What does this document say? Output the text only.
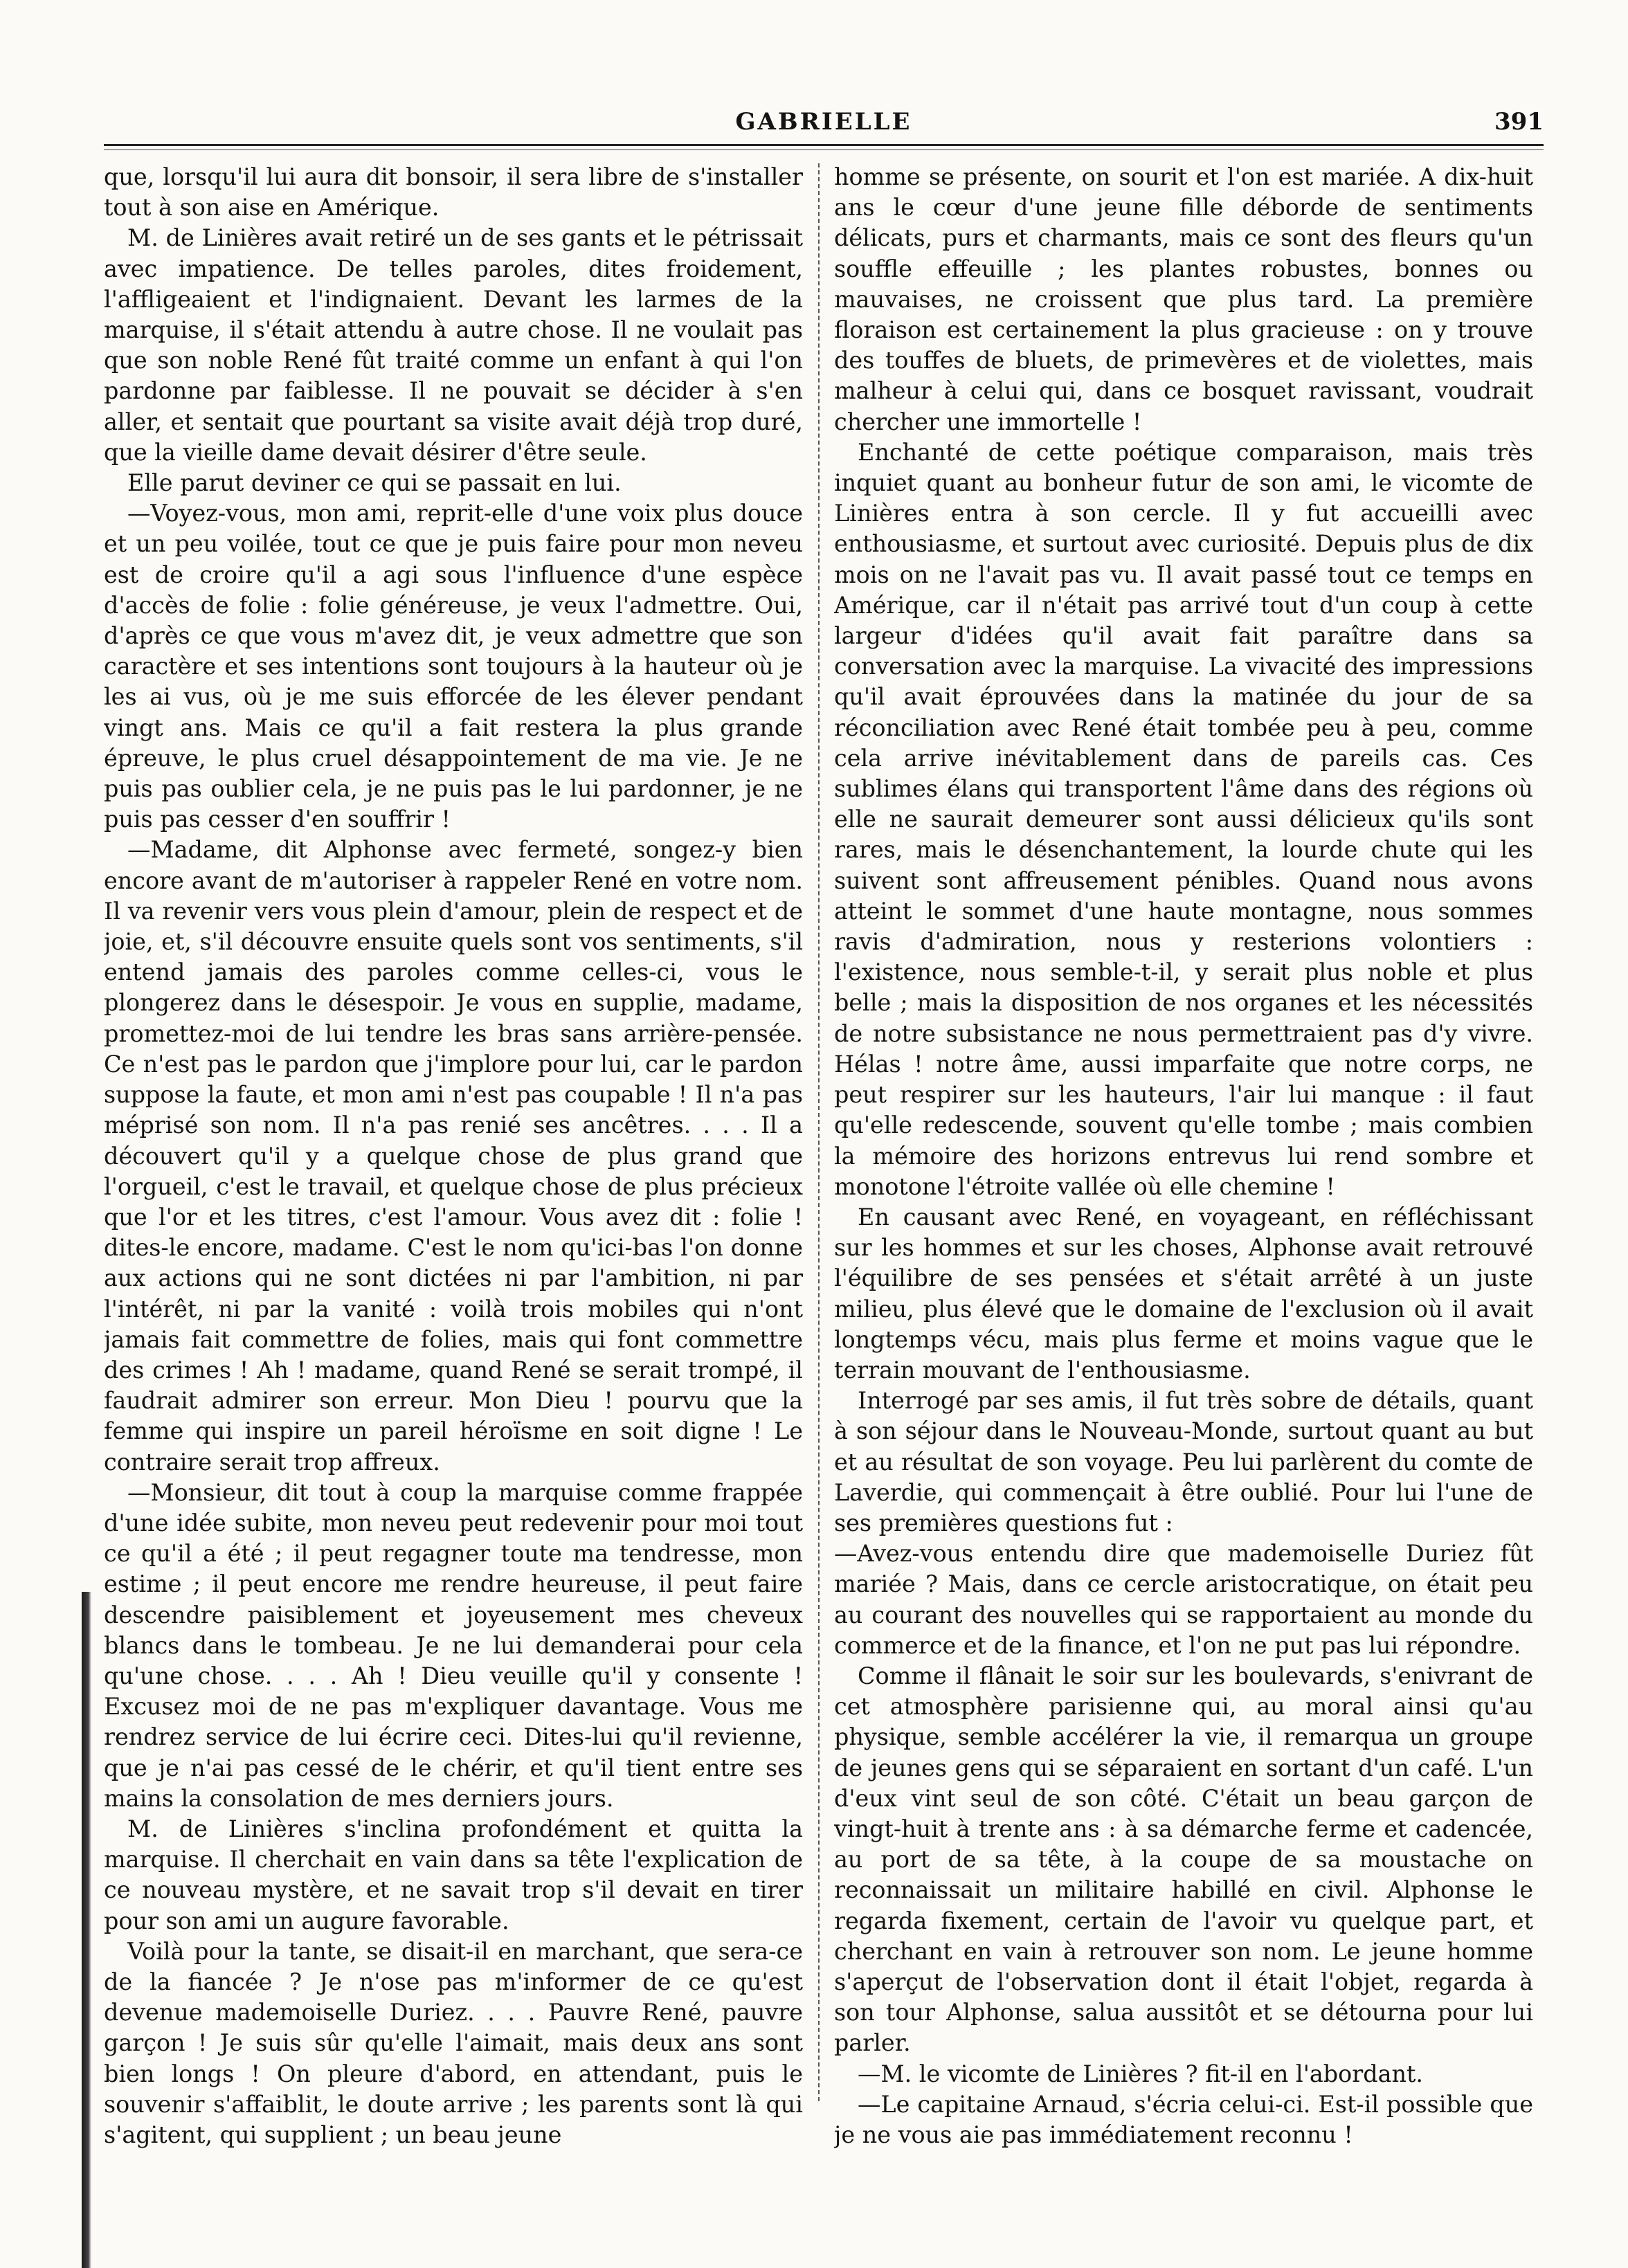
GABRIELLE	391

que, lorsqu'il lui aura dit bonsoir, il sera libre de s'installer tout à son aise en Amérique.

M. de Linières avait retiré un de ses gants et le pétrissait avec impatience. De telles paroles, dites froidement, l'affligeaient et l'indignaient. Devant les larmes de la marquise, il s'était attendu à autre chose. Il ne voulait pas que son noble René fût traité comme un enfant à qui l'on pardonne par faiblesse. Il ne pouvait se décider à s'en aller, et sentait que pourtant sa visite avait déjà trop duré, que la vieille dame devait désirer d'être seule.

Elle parut deviner ce qui se passait en lui.

—Voyez-vous, mon ami, reprit-elle d'une voix plus douce et un peu voilée, tout ce que je puis faire pour mon neveu est de croire qu'il a agi sous l'influence d'une espèce d'accès de folie : folie généreuse, je veux l'admettre. Oui, d'après ce que vous m'avez dit, je veux admettre que son caractère et ses intentions sont toujours à la hauteur où je les ai vus, où je me suis efforcée de les élever pendant vingt ans. Mais ce qu'il a fait restera la plus grande épreuve, le plus cruel désappointement de ma vie. Je ne puis pas oublier cela, je ne puis pas le lui pardonner, je ne puis pas cesser d'en souffrir !

—Madame, dit Alphonse avec fermeté, songez-y bien encore avant de m'autoriser à rappeler René en votre nom. Il va revenir vers vous plein d'amour, plein de respect et de joie, et, s'il découvre ensuite quels sont vos sentiments, s'il entend jamais des paroles comme celles-ci, vous le plongerez dans le désespoir. Je vous en supplie, madame, promettez-moi de lui tendre les bras sans arrière-pensée. Ce n'est pas le pardon que j'implore pour lui, car le pardon suppose la faute, et mon ami n'est pas coupable ! Il n'a pas méprisé son nom. Il n'a pas renié ses ancêtres. . . . Il a découvert qu'il y a quelque chose de plus grand que l'orgueil, c'est le travail, et quelque chose de plus précieux que l'or et les titres, c'est l'amour. Vous avez dit : folie ! dites-le encore, madame. C'est le nom qu'ici-bas l'on donne aux actions qui ne sont dictées ni par l'ambition, ni par l'intérêt, ni par la vanité : voilà trois mobiles qui n'ont jamais fait commettre de folies, mais qui font commettre des crimes ! Ah ! madame, quand René se serait trompé, il faudrait admirer son erreur. Mon Dieu ! pourvu que la femme qui inspire un pareil héroïsme en soit digne ! Le contraire serait trop affreux.

—Monsieur, dit tout à coup la marquise comme frappée d'une idée subite, mon neveu peut redevenir pour moi tout ce qu'il a été ; il peut regagner toute ma tendresse, mon estime ; il peut encore me rendre heureuse, il peut faire descendre paisiblement et joyeusement mes cheveux blancs dans le tombeau. Je ne lui demanderai pour cela qu'une chose. . . . Ah ! Dieu veuille qu'il y consente ! Excusez moi de ne pas m'expliquer davantage. Vous me rendrez service de lui écrire ceci. Dites-lui qu'il revienne, que je n'ai pas cessé de le chérir, et qu'il tient entre ses mains la consolation de mes derniers jours.

M. de Linières s'inclina profondément et quitta la marquise. Il cherchait en vain dans sa tête l'explication de ce nouveau mystère, et ne savait trop s'il devait en tirer pour son ami un augure favorable.

Voilà pour la tante, se disait-il en marchant, que sera-ce de la fiancée ? Je n'ose pas m'informer de ce qu'est devenue mademoiselle Duriez. . . . Pauvre René, pauvre garçon ! Je suis sûr qu'elle l'aimait, mais deux ans sont bien longs ! On pleure d'abord, en attendant, puis le souvenir s'affaiblit, le doute arrive ; les parents sont là qui s'agitent, qui supplient ; un beau jeune

homme se présente, on sourit et l'on est mariée. A dix-huit ans le cœur d'une jeune fille déborde de sentiments délicats, purs et charmants, mais ce sont des fleurs qu'un souffle effeuille ; les plantes robustes, bonnes ou mauvaises, ne croissent que plus tard. La première floraison est certainement la plus gracieuse : on y trouve des touffes de bluets, de primevères et de violettes, mais malheur à celui qui, dans ce bosquet ravissant, voudrait chercher une immortelle !

Enchanté de cette poétique comparaison, mais très inquiet quant au bonheur futur de son ami, le vicomte de Linières entra à son cercle. Il y fut accueilli avec enthousiasme, et surtout avec curiosité. Depuis plus de dix mois on ne l'avait pas vu. Il avait passé tout ce temps en Amérique, car il n'était pas arrivé tout d'un coup à cette largeur d'idées qu'il avait fait paraître dans sa conversation avec la marquise. La vivacité des impressions qu'il avait éprouvées dans la matinée du jour de sa réconciliation avec René était tombée peu à peu, comme cela arrive inévitablement dans de pareils cas. Ces sublimes élans qui transportent l'âme dans des régions où elle ne saurait demeurer sont aussi délicieux qu'ils sont rares, mais le désenchantement, la lourde chute qui les suivent sont affreusement pénibles. Quand nous avons atteint le sommet d'une haute montagne, nous sommes ravis d'admiration, nous y resterions volontiers : l'existence, nous semble-t-il, y serait plus noble et plus belle ; mais la disposition de nos organes et les nécessités de notre subsistance ne nous permettraient pas d'y vivre. Hélas ! notre âme, aussi imparfaite que notre corps, ne peut respirer sur les hauteurs, l'air lui manque : il faut qu'elle redescende, souvent qu'elle tombe ; mais combien la mémoire des horizons entrevus lui rend sombre et monotone l'étroite vallée où elle chemine !

En causant avec René, en voyageant, en réfléchissant sur les hommes et sur les choses, Alphonse avait retrouvé l'équilibre de ses pensées et s'était arrêté à un juste milieu, plus élevé que le domaine de l'exclusion où il avait longtemps vécu, mais plus ferme et moins vague que le terrain mouvant de l'enthousiasme.

Interrogé par ses amis, il fut très sobre de détails, quant à son séjour dans le Nouveau-Monde, surtout quant au but et au résultat de son voyage. Peu lui parlèrent du comte de Laverdie, qui commençait à être oublié. Pour lui l'une de ses premières questions fut :

—Avez-vous entendu dire que mademoiselle Duriez fût mariée ? Mais, dans ce cercle aristocratique, on était peu au courant des nouvelles qui se rapportaient au monde du commerce et de la finance, et l'on ne put pas lui répondre.

Comme il flânait le soir sur les boulevards, s'enivrant de cet atmosphère parisienne qui, au moral ainsi qu'au physique, semble accélérer la vie, il remarqua un groupe de jeunes gens qui se séparaient en sortant d'un café. L'un d'eux vint seul de son côté. C'était un beau garçon de vingt-huit à trente ans : à sa démarche ferme et cadencée, au port de sa tête, à la coupe de sa moustache on reconnaissait un militaire habillé en civil. Alphonse le regarda fixement, certain de l'avoir vu quelque part, et cherchant en vain à retrouver son nom. Le jeune homme s'aperçut de l'observation dont il était l'objet, regarda à son tour Alphonse, salua aussitôt et se détourna pour lui parler.

—M. le vicomte de Linières ? fit-il en l'abordant.

—Le capitaine Arnaud, s'écria celui-ci. Est-il possible que je ne vous aie pas immédiatement reconnu !
